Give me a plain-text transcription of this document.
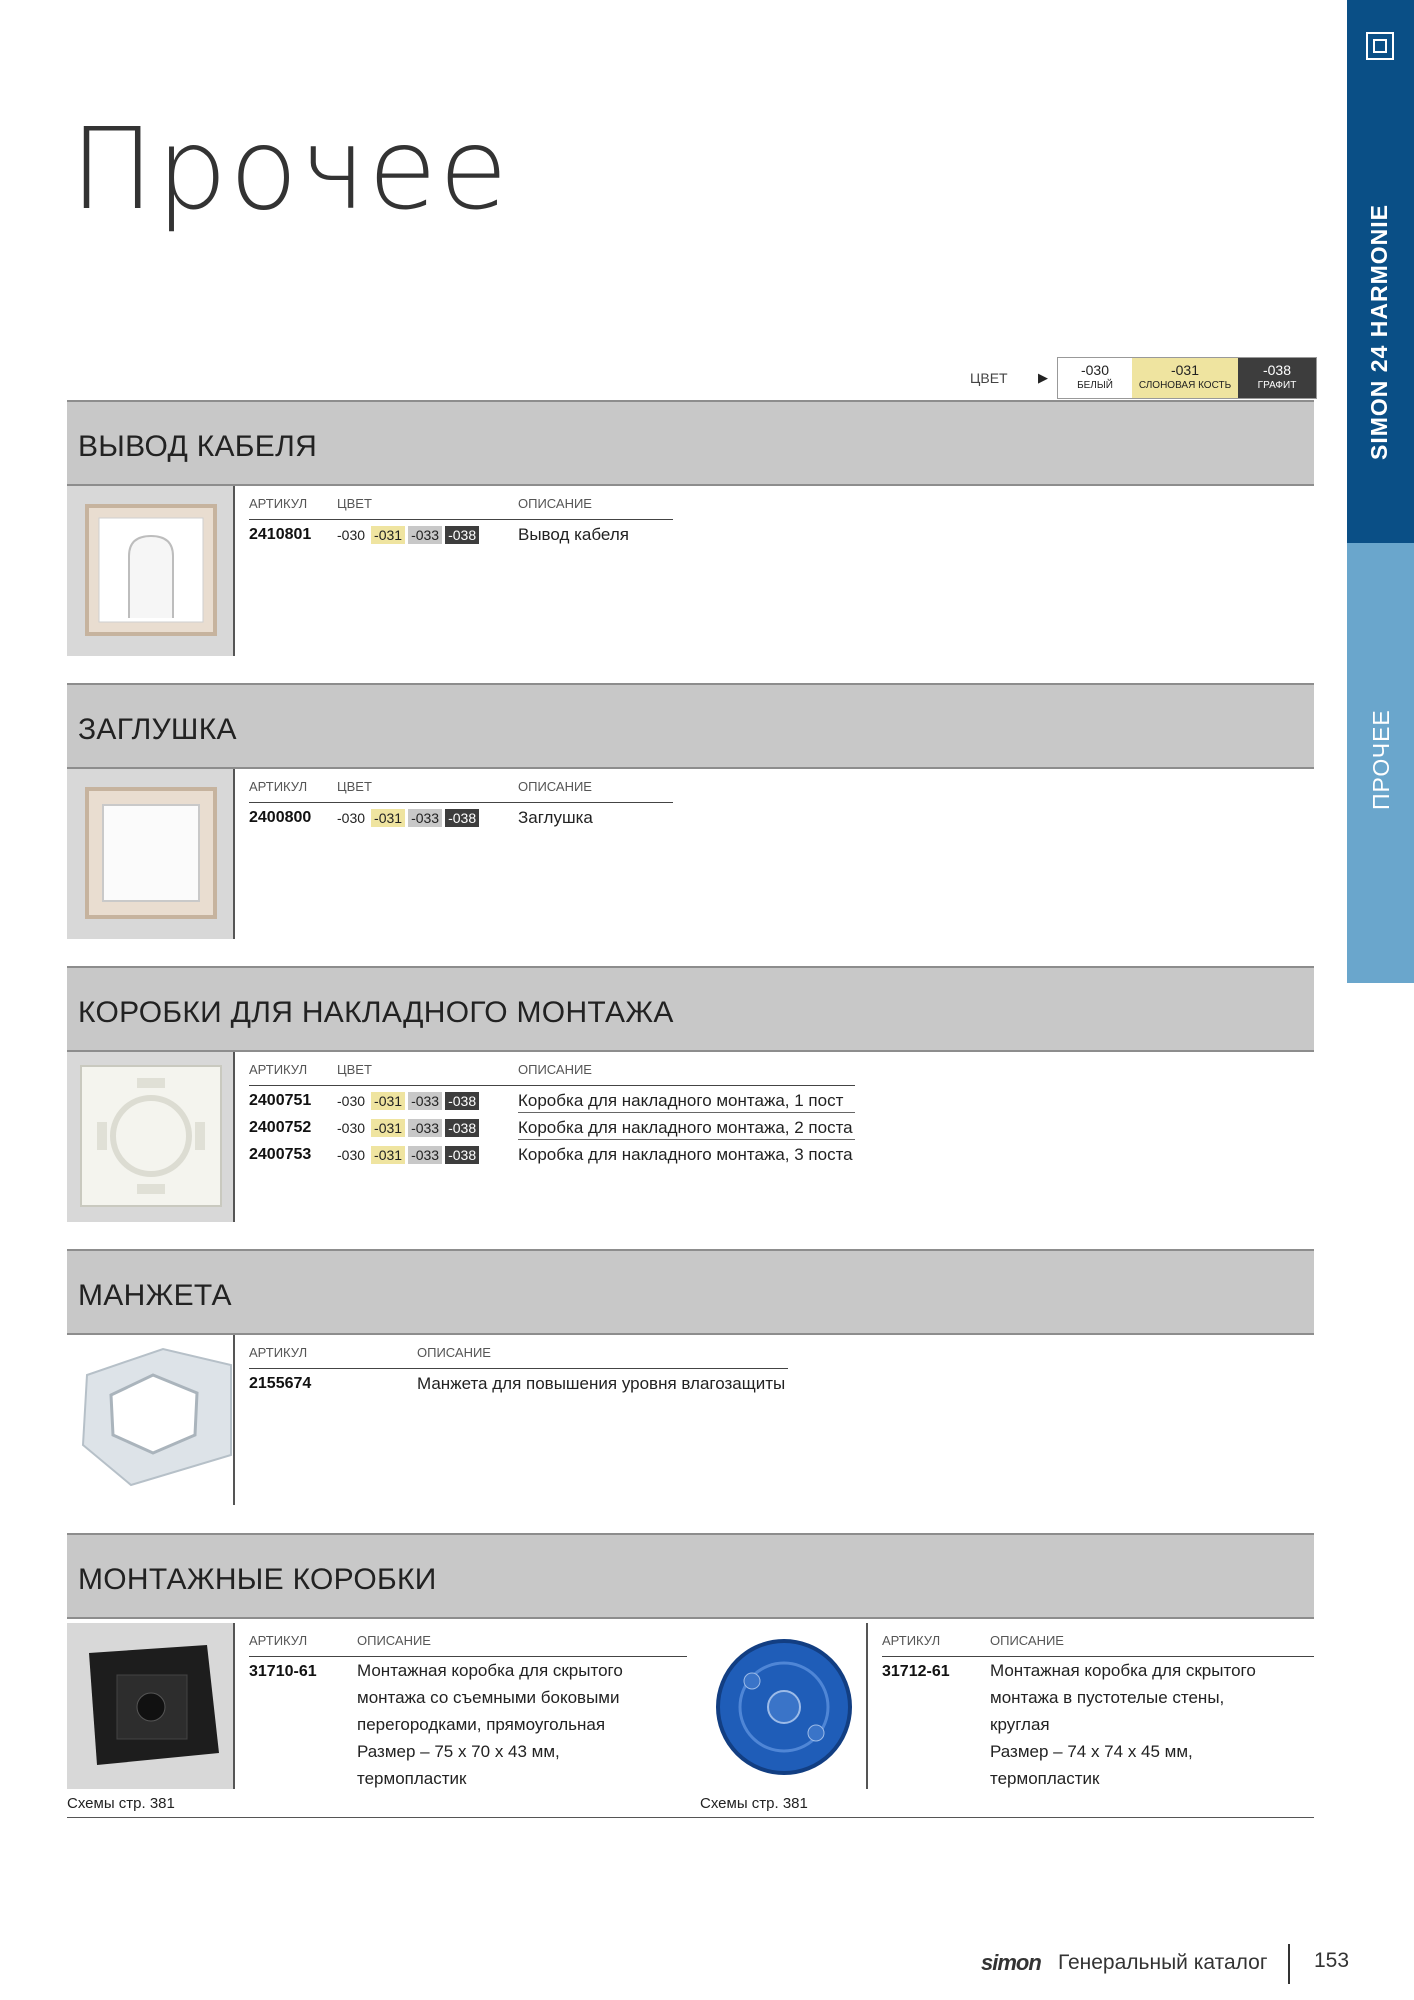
SIMON 24 HARMONIE
ПРОЧЕЕ
Прочее
ЦВЕТ ▶ -030
БЕЛЫЙ
-031
СЛОНОВАЯ КОСТЬ
-038
ГРАФИТ
ВЫВОД КАБЕЛЯ
АРТИКУЛ ЦВЕТ	ОПИСАНИЕ
2410801 -030 -031 -033 -038 Вывод кабеля
ЗАГЛУШКА
АРТИКУЛ ЦВЕТ	ОПИСАНИЕ
2400800 -030 -031 -033 -038 Заглушка
КОРОБКИ ДЛЯ НАКЛАДНОГО МОНТАЖА
АРТИКУЛ ЦВЕТ	ОПИСАНИЕ
2400751 -030 -031 -033 -038 Коробка для накладного монтажа, 1 пост
2400752 -030 -031 -033 -038 Коробка для накладного монтажа, 2 поста
2400753 -030 -031 -033 -038 Коробка для накладного монтажа, 3 поста
МАНЖЕТА
АРТИКУЛ	ОПИСАНИЕ
2155674	Манжета для повышения уровня влагозащиты
МОНТАЖНЫЕ КОРОБКИ
АРТИКУЛ	ОПИСАНИЕ
31710-61 Монтажная коробка для скрытого
монтажа со съемными боковыми
перегородками, прямоугольная
Размер – 75 х 70 х 43 мм,
термопластик
Схемы стр. 381
АРТИКУЛ	ОПИСАНИЕ
31712-61 Монтажная коробка для скрытого
монтажа в пустотелые стены,
круглая
Размер – 74 х 74 х 45 мм,
термопластик
Схемы стр. 381
simon Генеральный каталог 153
